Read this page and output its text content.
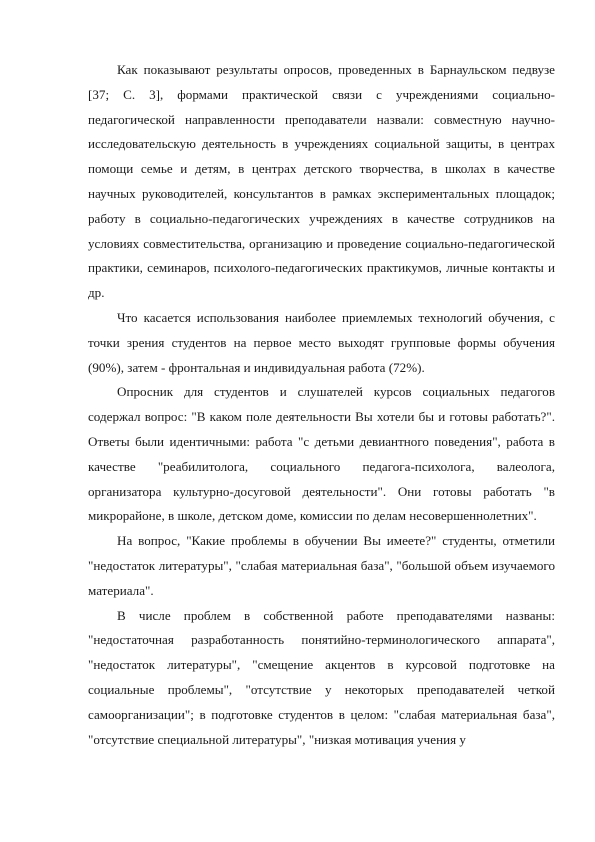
Как показывают результаты опросов, проведенных в Барнаульском педвузе [37; С. 3], формами практической связи с учреждениями социально-педагогической направленности преподаватели назвали: совместную научно-исследовательскую деятельность в учреждениях социальной защиты, в центрах помощи семье и детям, в центрах детского творчества, в школах в качестве научных руководителей, консультантов в рамках экспериментальных площадок; работу в социально-педагогических учреждениях в качестве сотрудников на условиях совместительства, организацию и проведение социально-педагогической практики, семинаров, психолого-педагогических практикумов, личные контакты и др.

Что касается использования наиболее приемлемых технологий обучения, с точки зрения студентов на первое место выходят групповые формы обучения (90%), затем - фронтальная и индивидуальная работа (72%).

Опросник для студентов и слушателей курсов социальных педагогов содержал вопрос: "В каком поле деятельности Вы хотели бы и готовы работать?". Ответы были идентичными: работа "с детьми девиантного поведения", работа в качестве "реабилитолога, социального педагога-психолога, валеолога, организатора культурно-досуговой деятельности". Они готовы работать "в микрорайоне, в школе, детском доме, комиссии по делам несовершеннолетних".

На вопрос, "Какие проблемы в обучении Вы имеете?" студенты, отметили "недостаток литературы", "слабая материальная база", "большой объем изучаемого материала".

В числе проблем в собственной работе преподавателями названы: "недостаточная разработанность понятийно-терминологического аппарата", "недостаток литературы", "смещение акцентов в курсовой подготовке на социальные проблемы", "отсутствие у некоторых преподавателей четкой самоорганизации"; в подготовке студентов в целом: "слабая материальная база", "отсутствие специальной литературы", "низкая мотивация учения у
